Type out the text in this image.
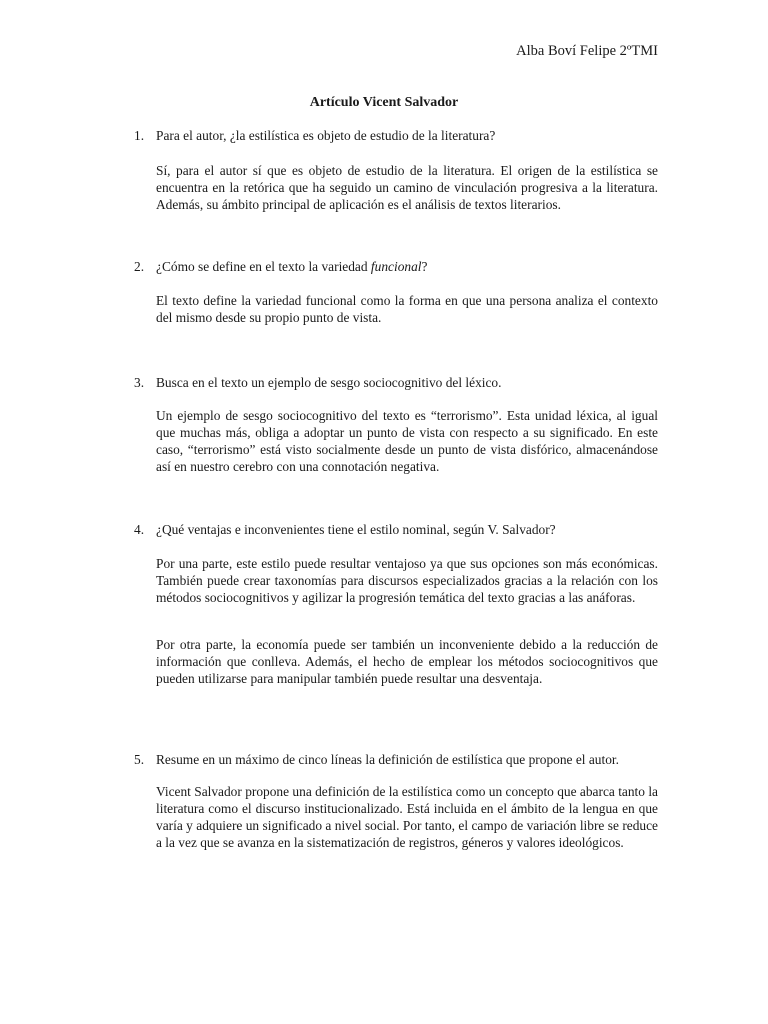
Alba Boví Felipe 2ºTMI
Artículo Vicent Salvador
1. Para el autor, ¿la estilística es objeto de estudio de la literatura?

Sí, para el autor sí que es objeto de estudio de la literatura. El origen de la estilística se encuentra en la retórica que ha seguido un camino de vinculación progresiva a la literatura. Además, su ámbito principal de aplicación es el análisis de textos literarios.

2. ¿Cómo se define en el texto la variedad funcional?

El texto define la variedad funcional como la forma en que una persona analiza el contexto del mismo desde su propio punto de vista.

3. Busca en el texto un ejemplo de sesgo sociocognitivo del léxico.

Un ejemplo de sesgo sociocognitivo del texto es “terrorismo”. Esta unidad léxica, al igual que muchas más, obliga a adoptar un punto de vista con respecto a su significado. En este caso, “terrorismo” está visto socialmente desde un punto de vista disfórico, almacenándose así en nuestro cerebro con una connotación negativa.

4. ¿Qué ventajas e inconvenientes tiene el estilo nominal, según V. Salvador?

Por una parte, este estilo puede resultar ventajoso ya que sus opciones son más económicas. También puede crear taxonomías para discursos especializados gracias a la relación con los métodos sociocognitivos y agilizar la progresión temática del texto gracias a las anáforas.

Por otra parte, la economía puede ser también un inconveniente debido a la reducción de información que conlleva. Además, el hecho de emplear los métodos sociocognitivos que pueden utilizarse para manipular también puede resultar una desventaja.

5. Resume en un máximo de cinco líneas la definición de estilística que propone el autor.

Vicent Salvador propone una definición de la estilística como un concepto que abarca tanto la literatura como el discurso institucionalizado. Está incluida en el ámbito de la lengua en que varía y adquiere un significado a nivel social. Por tanto, el campo de variación libre se reduce a la vez que se avanza en la sistematización de registros, géneros y valores ideológicos.
